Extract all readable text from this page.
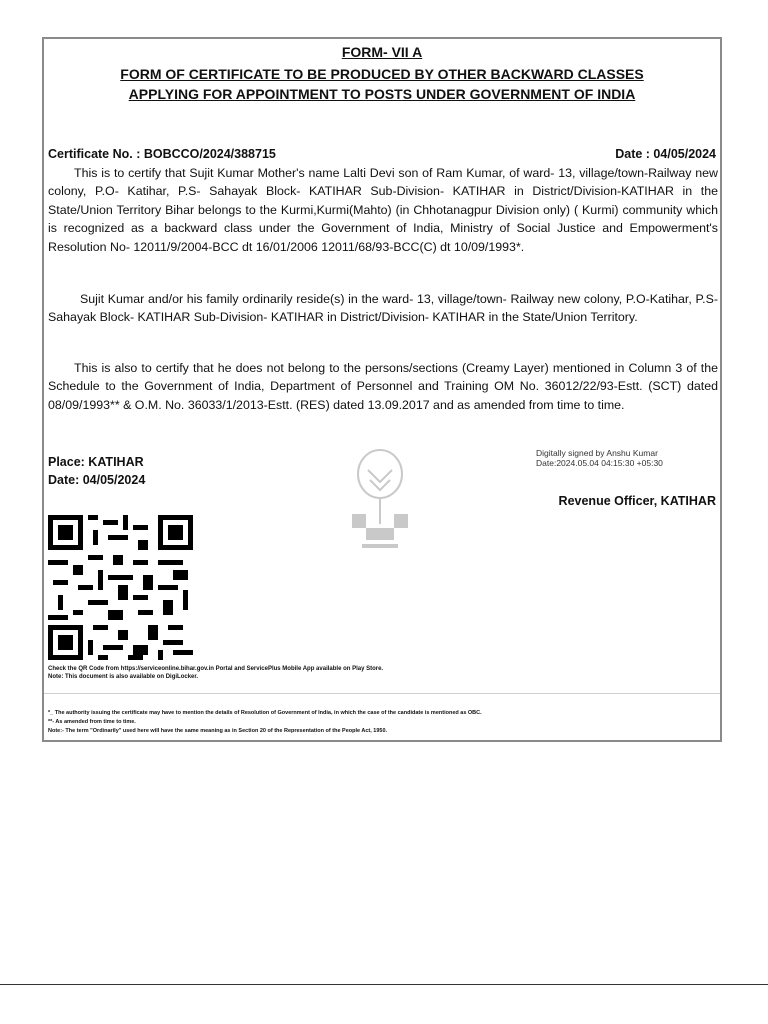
FORM- VII A
FORM OF CERTIFICATE TO BE PRODUCED BY OTHER BACKWARD CLASSES
APPLYING FOR APPOINTMENT TO POSTS UNDER GOVERNMENT OF INDIA
Certificate No. : BOBCCO/2024/388715	Date : 04/05/2024

This is to certify that Sujit Kumar Mother's name Lalti Devi son of Ram Kumar, of ward- 13, village/town-Railway new colony, P.O- Katihar, P.S- Sahayak Block- KATIHAR Sub-Division- KATIHAR in District/Division-KATIHAR in the State/Union Territory Bihar belongs to the Kurmi,Kurmi(Mahto) (in Chhotanagpur Division only) ( Kurmi) community which is recognized as a backward class under the Government of India, Ministry of Social Justice and Empowerment's Resolution No- 12011/9/2004-BCC dt 16/01/2006 12011/68/93-BCC(C) dt 10/09/1993*.

Sujit Kumar and/or his family ordinarily reside(s) in the ward- 13, village/town- Railway new colony, P.O-Katihar, P.S- Sahayak Block- KATIHAR Sub-Division- KATIHAR in District/Division- KATIHAR in the State/Union Territory.

This is also to certify that he does not belong to the persons/sections (Creamy Layer) mentioned in Column 3 of the Schedule to the Government of India, Department of Personnel and Training OM No. 36012/22/93-Estt. (SCT) dated 08/09/1993** & O.M. No. 36033/1/2013-Estt. (RES) dated 13.09.2017 and as amended from time to time.

Place: KATIHAR
Date: 04/05/2024
Digitally signed by Anshu Kumar
Date:2024.05.04 04:15:30 +05:30
Revenue Officer, KATIHAR
Check the QR Code from https://serviceonline.bihar.gov.in Portal and ServicePlus Mobile App available on Play Store.
Note: This document is also available on DigiLocker.
*_ The authority issuing the certificate may have to mention the details of Resolution of Government of India, in which the case of the candidate is mentioned as OBC.
**- As amended from time to time.
Note:- The term "Ordinarily" used here will have the same meaning as in Section 20 of the Representation of the People Act, 1950.
